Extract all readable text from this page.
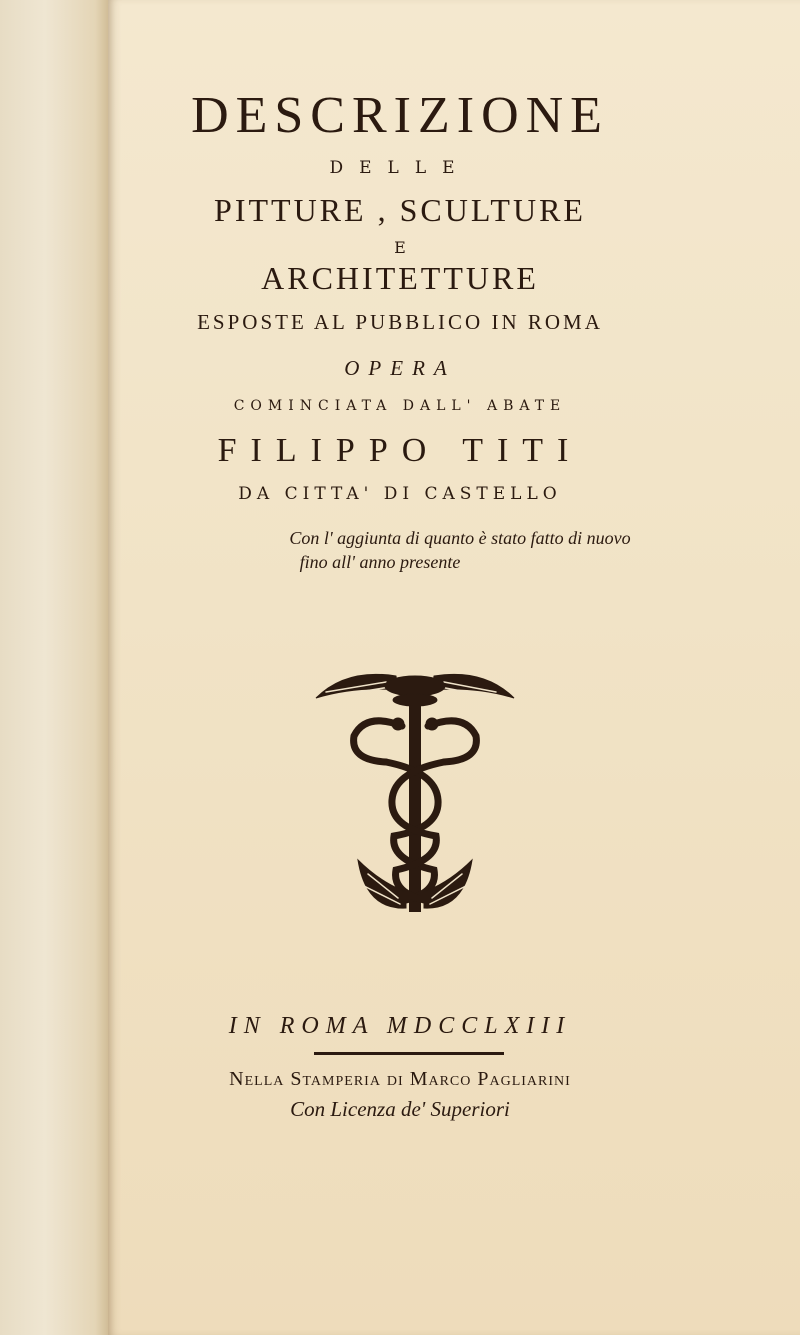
DESCRIZIONE
DELLE
PITTURE , SCULTURE
E
ARCHITETTURE
ESPOSTE AL PUBBLICO IN ROMA
OPERA
COMINCIATA DALL' ABATE
FILIPPO TITI
DA CITTA' DI CASTELLO
Con l' aggiunta di quanto è stato fatto di nuovo
fino all' anno presente
IN ROMA MDCCLXIII
Nella Stamperia di Marco Pagliarini
Con Licenza de' Superiori
